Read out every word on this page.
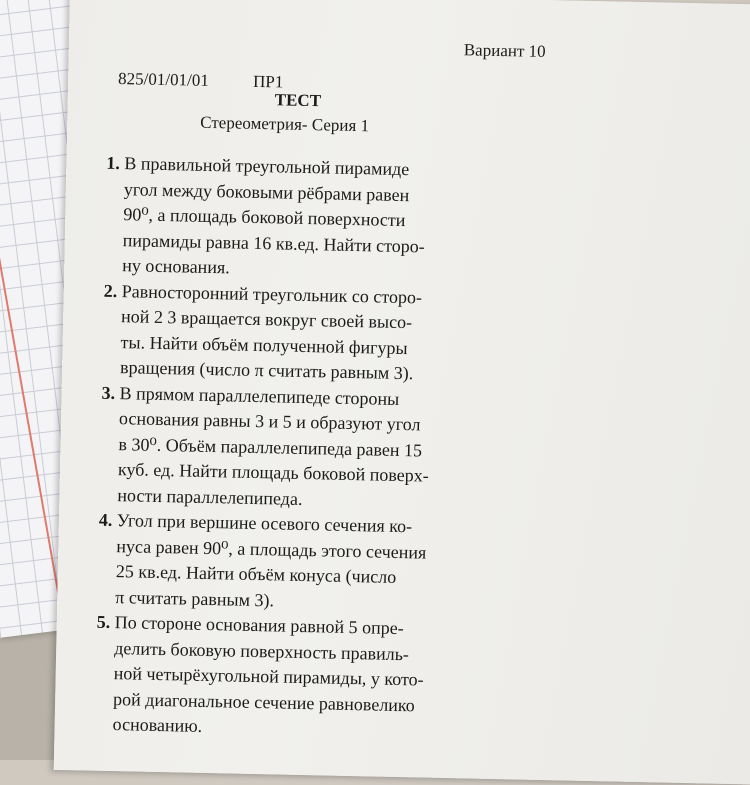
Вариант 10
825/01/01/01	ПР1
ТЕСТ
Стереометрия- Серия 1
1. В правильной треугольной пирамиде
угол между боковыми рёбрами равен
90⁰, а площадь боковой поверхности
пирамиды равна 16 кв.ед. Найти сторо-
ну основания.
2. Равносторонний треугольник со сторо-
ной 2 3 вращается вокруг своей высо-
ты. Найти объём полученной фигуры
вращения (число π считать равным 3).
3. В прямом параллелепипеде стороны
основания равны 3 и 5 и образуют угол
в 30⁰. Объём параллелепипеда равен 15
куб. ед. Найти площадь боковой поверх-
ности параллелепипеда.
4. Угол при вершине осевого сечения ко-
нуса равен 90⁰, а площадь этого сечения
25 кв.ед. Найти объём конуса (число
π считать равным 3).
5. По стороне основания равной 5 опре-
делить боковую поверхность правиль-
ной четырёхугольной пирамиды, у кото-
рой диагональное сечение равновелико
основанию.
